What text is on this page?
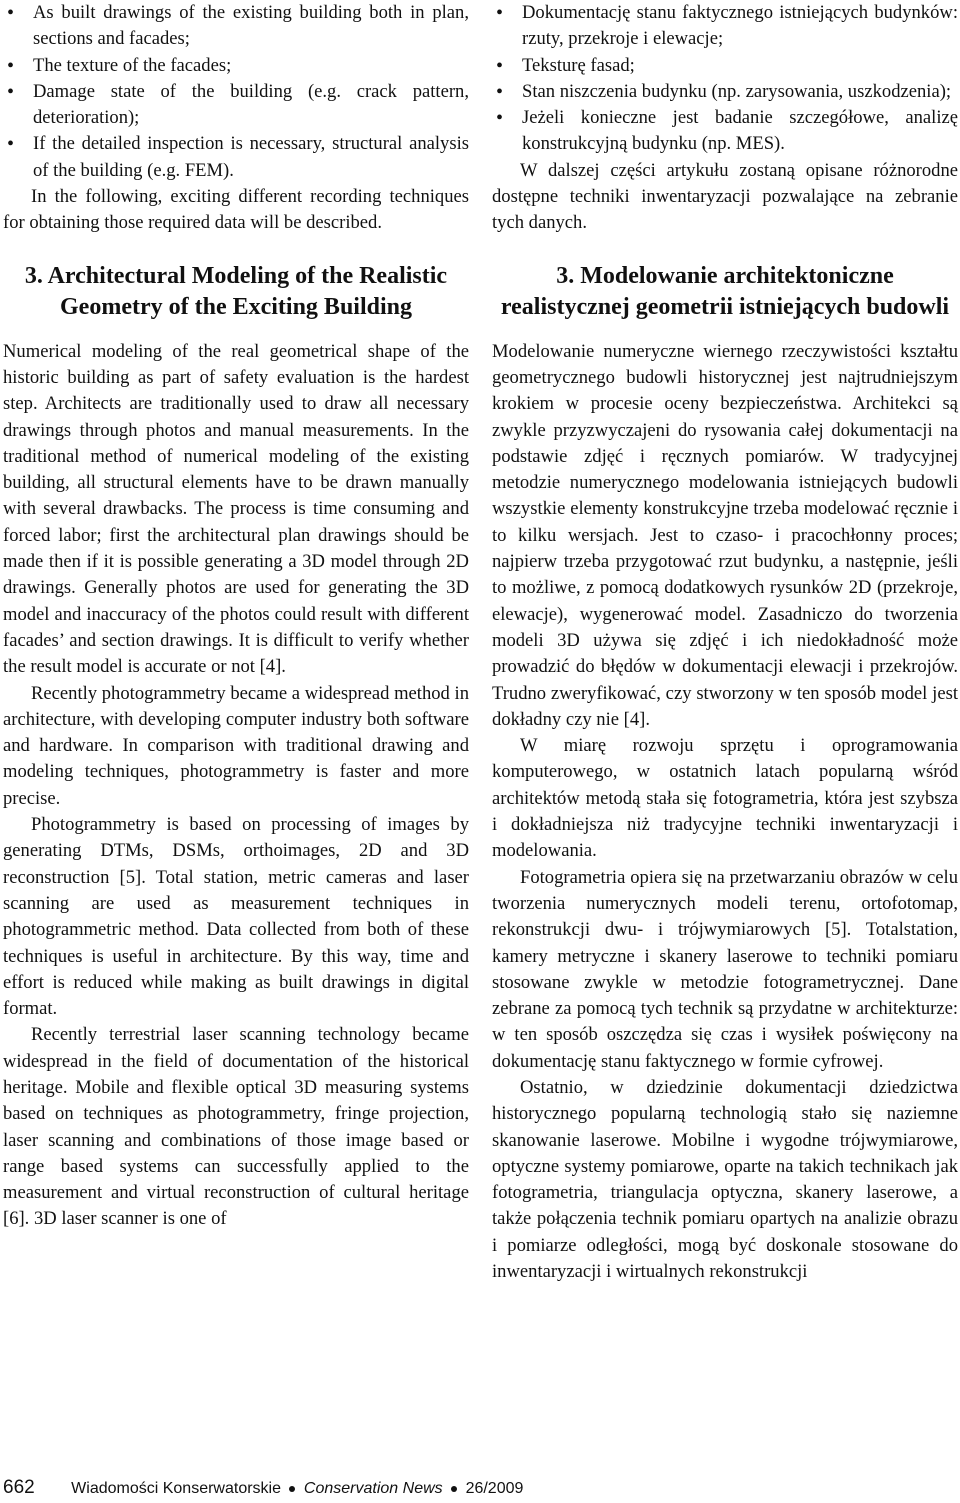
• As built drawings of the existing building both in plan, sections and facades;
• The texture of the facades;
• Damage state of the building (e.g. crack pattern, deterioration);
• If the detailed inspection is necessary, structural analysis of the building (e.g. FEM).

In the following, exciting different recording techniques for obtaining those required data will be described.

3. Architectural Modeling of the Realistic Geometry of the Exciting Building

Numerical modeling of the real geometrical shape of the historic building as part of safety evaluation is the hardest step. Architects are traditionally used to draw all necessary drawings through photos and manual measurements. In the traditional method of numerical modeling of the existing building, all structural elements have to be drawn manually with several drawbacks. The process is time consuming and forced labor; first the architectural plan drawings should be made then if it is possible generating a 3D model through 2D drawings. Generally photos are used for generating the 3D model and inaccuracy of the photos could result with different facades’ and section drawings. It is difficult to verify whether the result model is accurate or not [4].

Recently photogrammetry became a widespread method in architecture, with developing computer industry both software and hardware. In comparison with traditional drawing and modeling techniques, photogrammetry is faster and more precise.

Photogrammetry is based on processing of images by generating DTMs, DSMs, orthoimages, 2D and 3D reconstruction [5]. Total station, metric cameras and laser scanning are used as measurement techniques in photogrammetric method. Data collected from both of these techniques is useful in architecture. By this way, time and effort is reduced while making as built drawings in digital format.

Recently terrestrial laser scanning technology became widespread in the field of documentation of the historical heritage. Mobile and flexible optical 3D measuring systems based on techniques as photogrammetry, fringe projection, laser scanning and combinations of those image based or range based systems can successfully applied to the measurement and virtual reconstruction of cultural heritage [6]. 3D laser scanner is one of

• Dokumentację stanu faktycznego istniejących budynków: rzuty, przekroje i elewacje;
• Teksturę fasad;
• Stan niszczenia budynku (np. zarysowania, uszkodzenia);
• Jeżeli konieczne jest badanie szczegółowe, analizę konstrukcyjną budynku (np. MES).

W dalszej części artykułu zostaną opisane różnorodne dostępne techniki inwentaryzacji pozwalające na zebranie tych danych.

3. Modelowanie architektoniczne realistycznej geometrii istniejących budowli

Modelowanie numeryczne wiernego rzeczywistości kształtu geometrycznego budowli historycznej jest najtrudniejszym krokiem w procesie oceny bezpieczeństwa. Architekci są zwykle przyzwyczajeni do rysowania całej dokumentacji na podstawie zdjęć i ręcznych pomiarów. W tradycyjnej metodzie numerycznego modelowania istniejących budowli wszystkie elementy konstrukcyjne trzeba modelować ręcznie i to kilku wersjach. Jest to czaso- i pracochłonny proces; najpierw trzeba przygotować rzut budynku, a następnie, jeśli to możliwe, z pomocą dodatkowych rysunków 2D (przekroje, elewacje), wygenerować model. Zasadniczo do tworzenia modeli 3D używa się zdjęć i ich niedokładność może prowadzić do błędów w dokumentacji elewacji i przekrojów. Trudno zweryfikować, czy stworzony w ten sposób model jest dokładny czy nie [4].

W miarę rozwoju sprzętu i oprogramowania komputerowego, w ostatnich latach popularną wśród architektów metodą stała się fotogrametria, która jest szybsza i dokładniejsza niż tradycyjne techniki inwentaryzacji i modelowania.

Fotogrametria opiera się na przetwarzaniu obrazów w celu tworzenia numerycznych modeli terenu, ortofotomap, rekonstrukcji dwu- i trójwymiarowych [5]. Totalstation, kamery metryczne i skanery laserowe to techniki pomiaru stosowane zwykle w metodzie fotogrametrycznej. Dane zebrane za pomocą tych technik są przydatne w architekturze: w ten sposób oszczędza się czas i wysiłek poświęcony na dokumentację stanu faktycznego w formie cyfrowej.

Ostatnio, w dziedzinie dokumentacji dziedzictwa historycznego popularną technologią stało się naziemne skanowanie laserowe. Mobilne i wygodne trójwymiarowe, optyczne systemy pomiarowe, oparte na takich technikach jak fotogrametria, triangulacja optyczna, skanery laserowe, a także połączenia technik pomiaru opartych na analizie obrazu i pomiarze odległości, mogą być doskonale stosowane do inwentaryzacji i wirtualnych rekonstrukcji

662 Wiadomości Konserwatorskie Conservation News 26/2009
